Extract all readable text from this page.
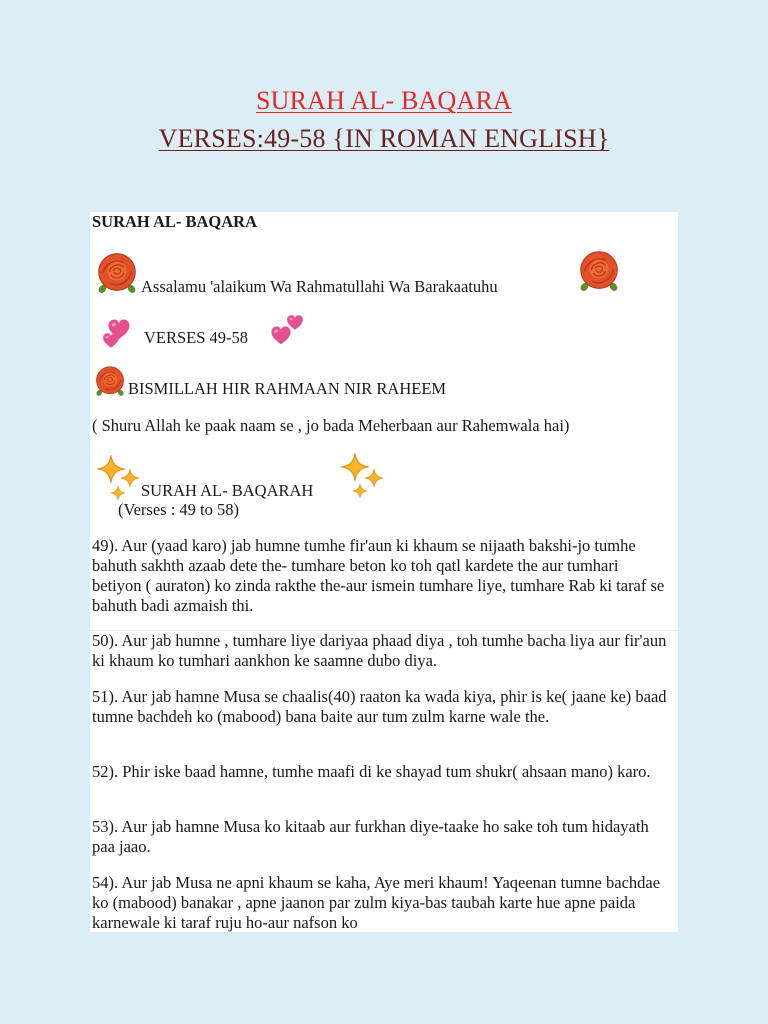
SURAH AL- BAQARA
VERSES:49-58 {IN ROMAN ENGLISH}
SURAH AL- BAQARA
Assalamu 'alaikum Wa Rahmatullahi Wa Barakaatuhu
VERSES 49-58
BISMILLAH HIR RAHMAAN NIR RAHEEM
( Shuru Allah ke paak naam se , jo bada Meherbaan aur Rahemwala hai)
SURAH AL- BAQARAH
(Verses : 49 to 58)
49). Aur (yaad karo) jab humne tumhe fir'aun ki khaum se nijaath bakshi-jo tumhe bahuth sakhth azaab dete the- tumhare beton ko toh qatl kardete the aur tumhari betiyon ( auraton) ko zinda rakthe the-aur ismein tumhare liye, tumhare Rab ki taraf se bahuth badi azmaish thi.
50). Aur jab humne , tumhare liye dariyaa phaad diya , toh tumhe bacha liya aur fir'aun ki khaum ko tumhari aankhon ke saamne dubo diya.
51). Aur jab hamne Musa se chaalis(40) raaton ka wada kiya, phir is ke( jaane ke) baad tumne bachdeh ko (mabood) bana baite aur tum zulm karne wale the.
52). Phir iske baad hamne, tumhe maafi di ke shayad tum shukr( ahsaan mano) karo.
53). Aur jab hamne Musa ko kitaab aur furkhan diye-taake ho sake toh tum hidayath paa jaao.
54). Aur jab Musa ne apni khaum se kaha, Aye meri khaum! Yaqeenan tumne bachdae ko (mabood) banakar , apne jaanon par zulm kiya-bas taubah karte hue apne paida karnewale ki taraf ruju ho-aur nafson ko
